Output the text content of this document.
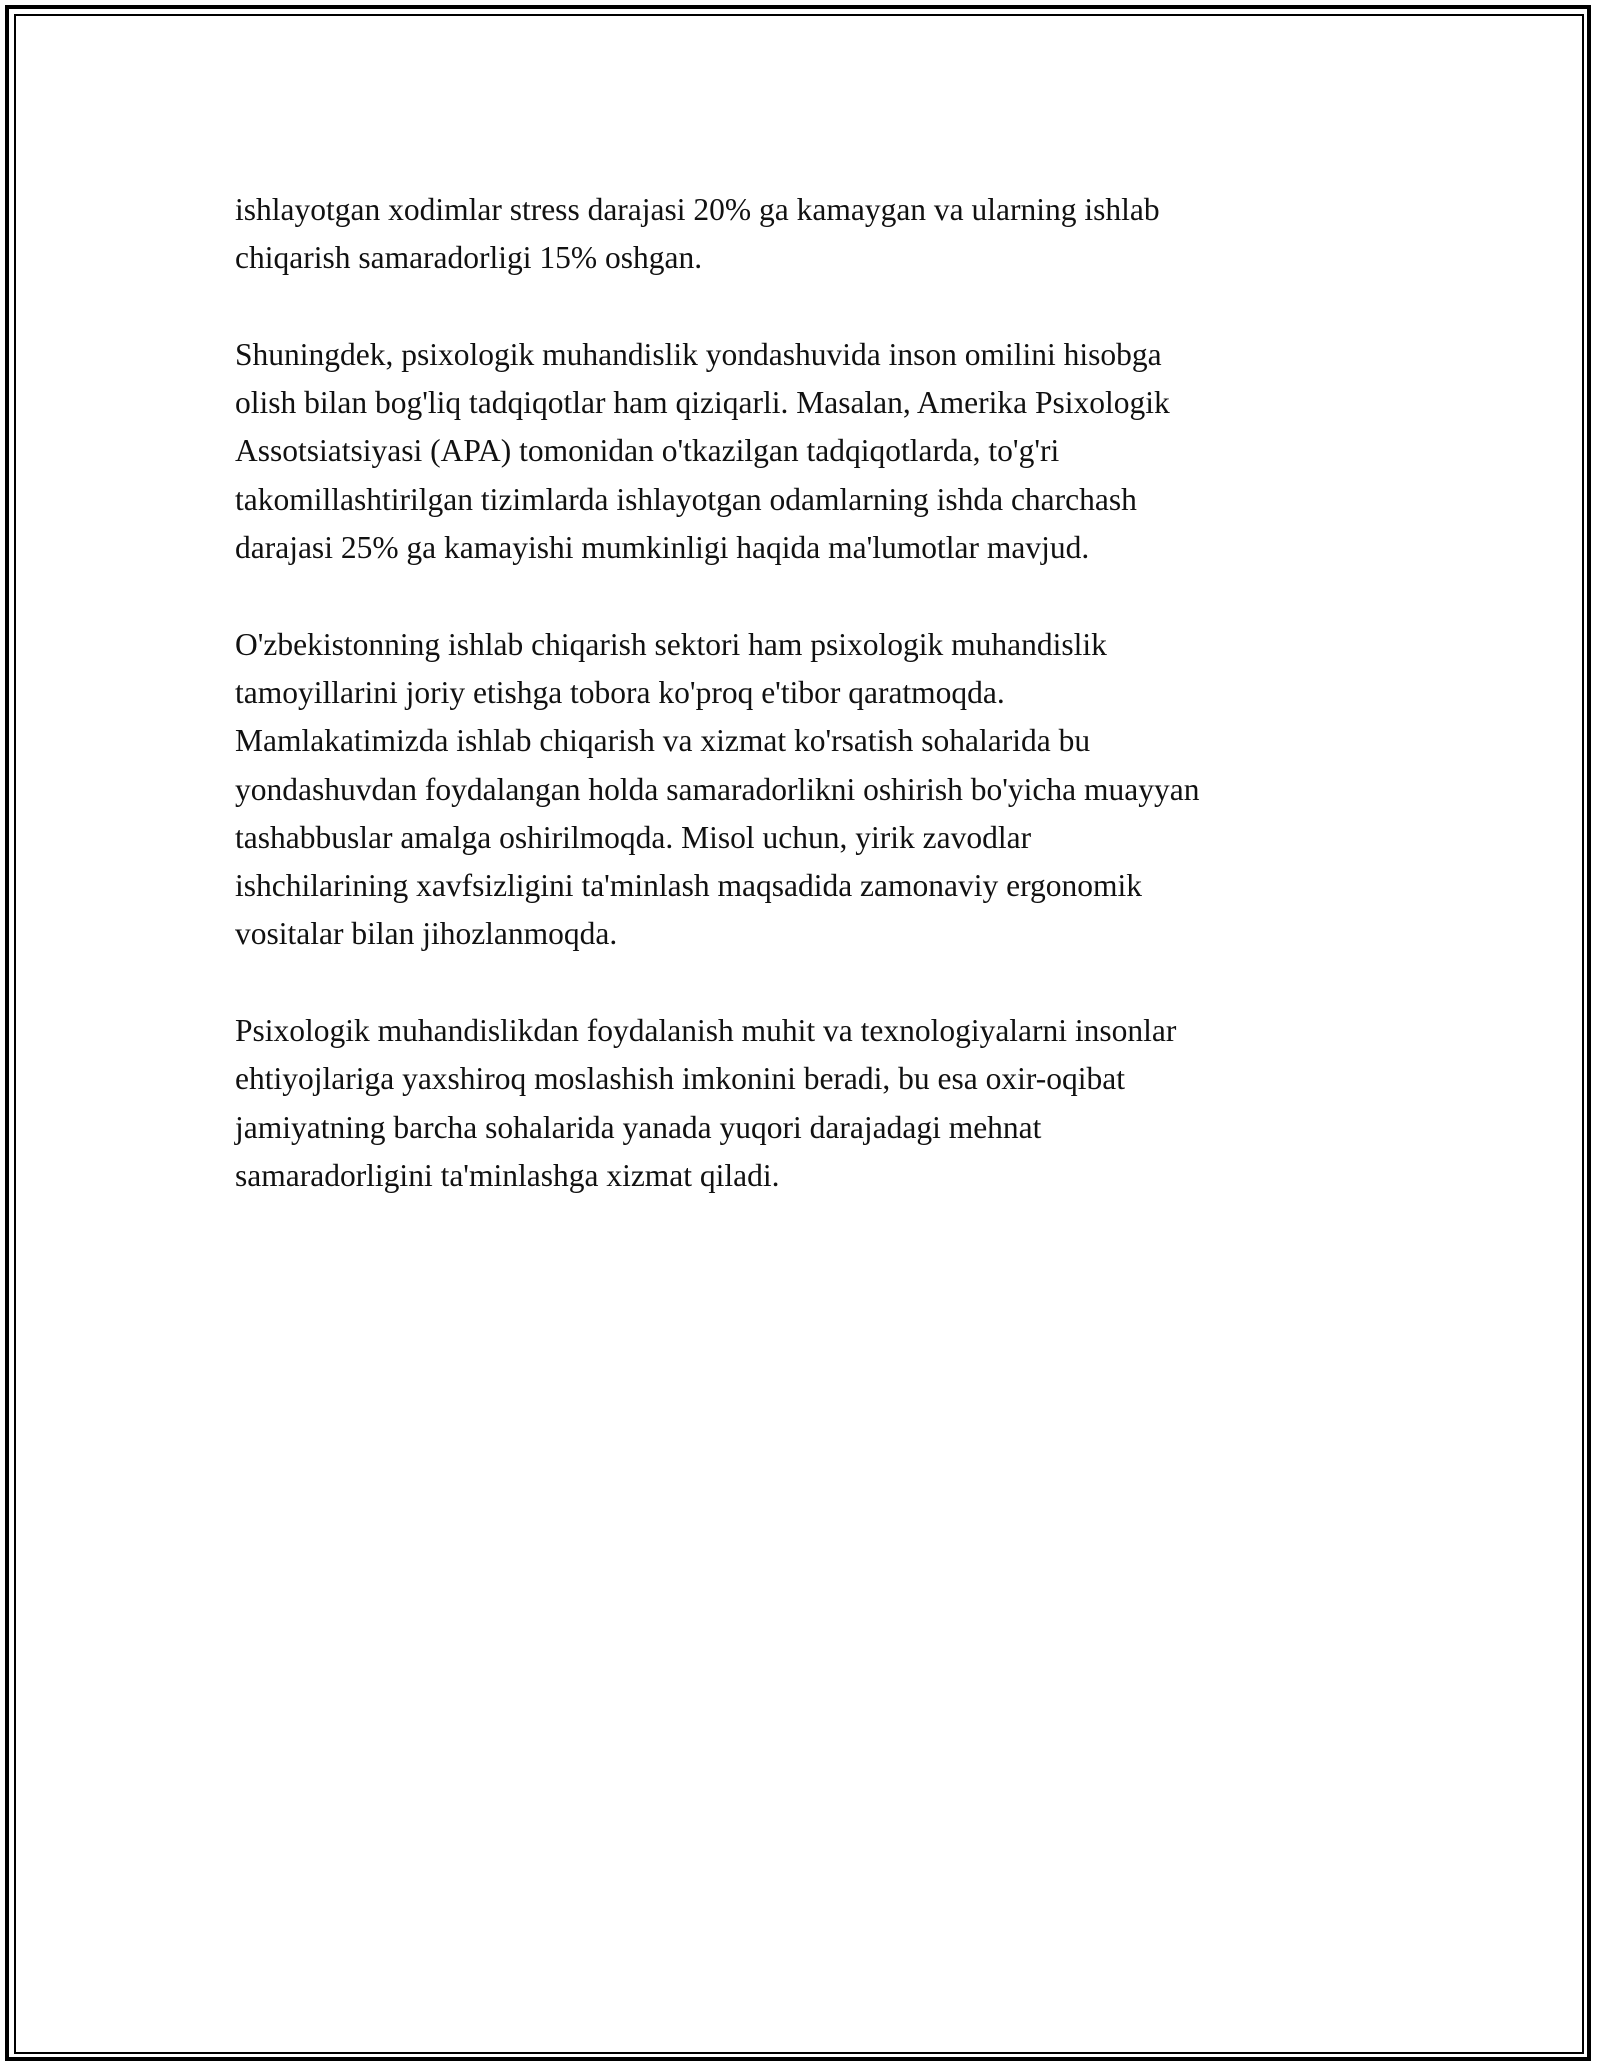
ishlayotgan xodimlar stress darajasi 20% ga kamaygan va ularning ishlab
chiqarish samaradorligi 15% oshgan.

Shuningdek, psixologik muhandislik yondashuvida inson omilini hisobga
olish bilan bog'liq tadqiqotlar ham qiziqarli. Masalan, Amerika Psixologik
Assotsiatsiyasi (APA) tomonidan o'tkazilgan tadqiqotlarda, to'g'ri
takomillashtirilgan tizimlarda ishlayotgan odamlarning ishda charchash
darajasi 25% ga kamayishi mumkinligi haqida ma'lumotlar mavjud.

O'zbekistonning ishlab chiqarish sektori ham psixologik muhandislik
tamoyillarini joriy etishga tobora ko'proq e'tibor qaratmoqda.
Mamlakatimizda ishlab chiqarish va xizmat ko'rsatish sohalarida bu
yondashuvdan foydalangan holda samaradorlikni oshirish bo'yicha muayyan
tashabbuslar amalga oshirilmoqda. Misol uchun, yirik zavodlar
ishchilarining xavfsizligini ta'minlash maqsadida zamonaviy ergonomik
vositalar bilan jihozlanmoqda.

Psixologik muhandislikdan foydalanish muhit va texnologiyalarni insonlar
ehtiyojlariga yaxshiroq moslashish imkonini beradi, bu esa oxir-oqibat
jamiyatning barcha sohalarida yanada yuqori darajadagi mehnat
samaradorligini ta'minlashga xizmat qiladi.
